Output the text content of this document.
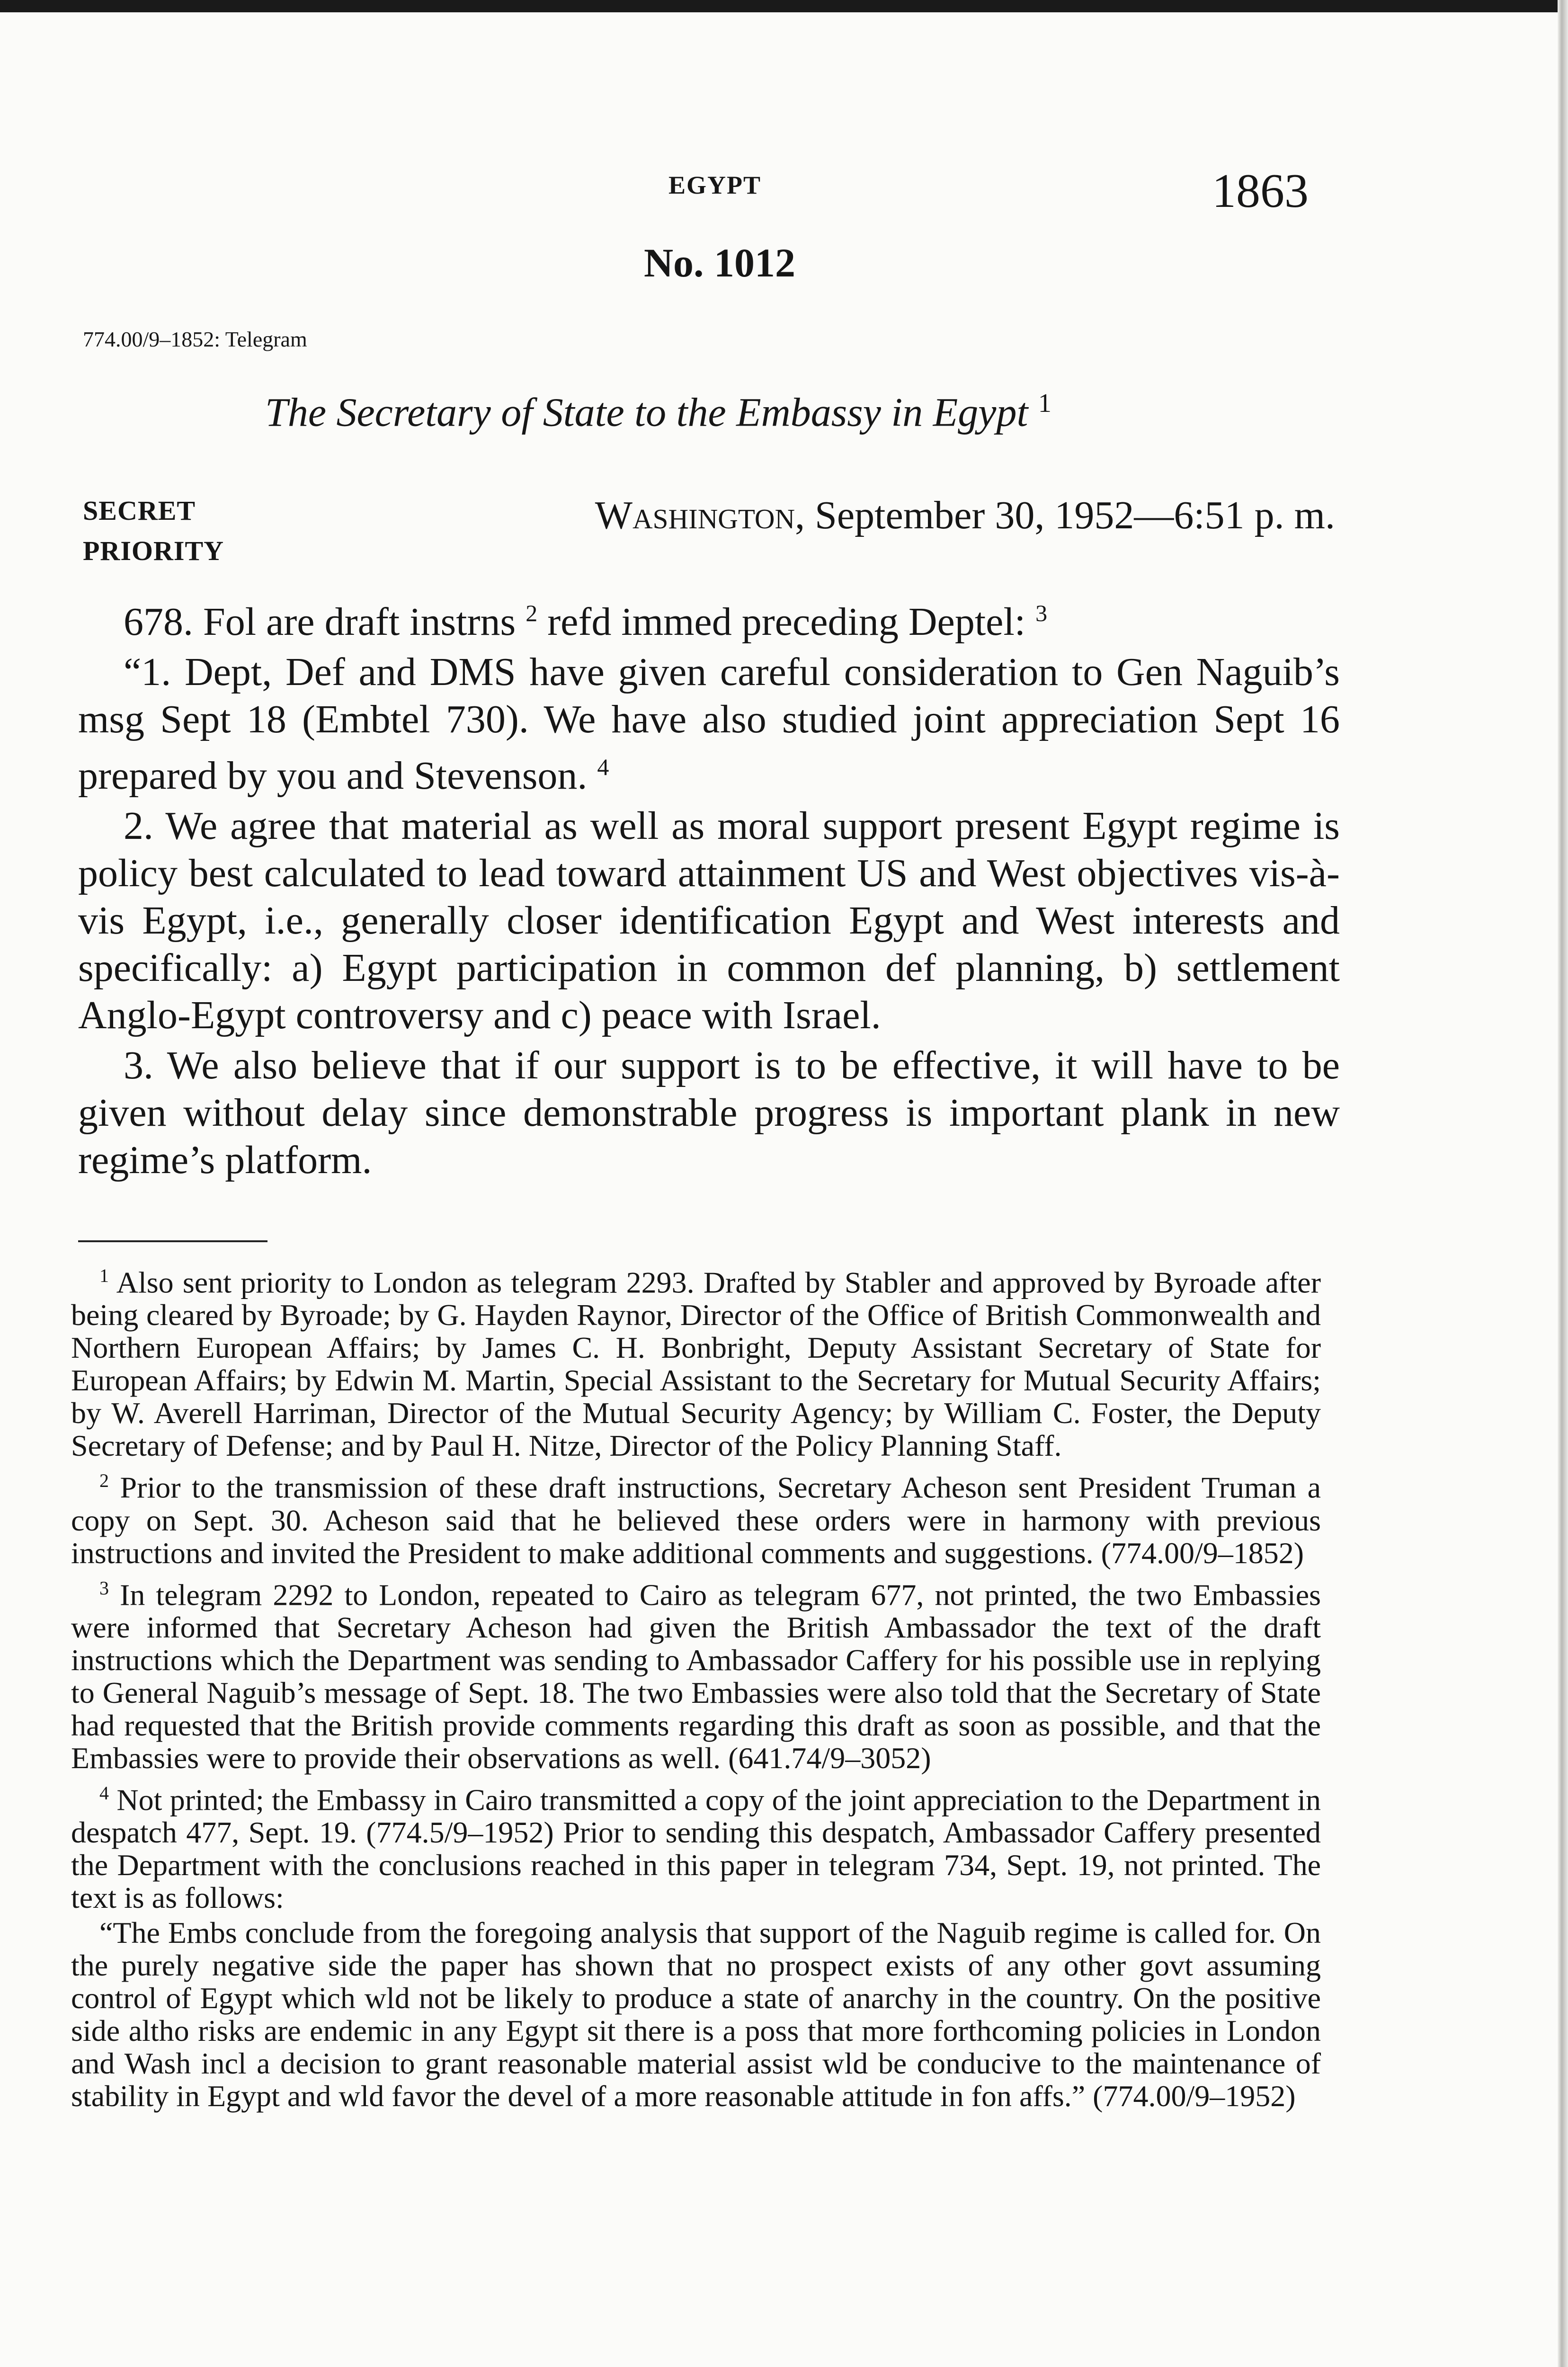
EGYPT	1863
No. 1012
774.00/9–1852: Telegram
The Secretary of State to the Embassy in Egypt $^1$
SECRET
PRIORITY
Washington, September 30, 1952—6:51 p. m.

678. Fol are draft instrns $^2$ refd immed preceding Deptel: $^3$

“1. Dept, Def and DMS have given careful consideration to Gen Naguib’s msg Sept 18 (Embtel 730). We have also studied joint appreciation Sept 16 prepared by you and Stevenson. $^4$

2. We agree that material as well as moral support present Egypt regime is policy best calculated to lead toward attainment US and West objectives vis-à-vis Egypt, i.e., generally closer identification Egypt and West interests and specifically: a) Egypt participation in common def planning, b) settlement Anglo-Egypt controversy and c) peace with Israel.

3. We also believe that if our support is to be effective, it will have to be given without delay since demonstrable progress is important plank in new regime’s platform.

$^1$ Also sent priority to London as telegram 2293. Drafted by Stabler and approved by Byroade after being cleared by Byroade; by G. Hayden Raynor, Director of the Office of British Commonwealth and Northern European Affairs; by James C. H. Bonbright, Deputy Assistant Secretary of State for European Affairs; by Edwin M. Martin, Special Assistant to the Secretary for Mutual Security Affairs; by W. Averell Harriman, Director of the Mutual Security Agency; by William C. Foster, the Deputy Secretary of Defense; and by Paul H. Nitze, Director of the Policy Planning Staff.

$^2$ Prior to the transmission of these draft instructions, Secretary Acheson sent President Truman a copy on Sept. 30. Acheson said that he believed these orders were in harmony with previous instructions and invited the President to make additional comments and suggestions. (774.00/9–1852)

$^3$ In telegram 2292 to London, repeated to Cairo as telegram 677, not printed, the two Embassies were informed that Secretary Acheson had given the British Ambassador the text of the draft instructions which the Department was sending to Ambassador Caffery for his possible use in replying to General Naguib’s message of Sept. 18. The two Embassies were also told that the Secretary of State had requested that the British provide comments regarding this draft as soon as possible, and that the Embassies were to provide their observations as well. (641.74/9–3052)

$^4$ Not printed; the Embassy in Cairo transmitted a copy of the joint appreciation to the Department in despatch 477, Sept. 19. (774.5/9–1952) Prior to sending this despatch, Ambassador Caffery presented the Department with the conclusions reached in this paper in telegram 734, Sept. 19, not printed. The text is as follows:

“The Embs conclude from the foregoing analysis that support of the Naguib regime is called for. On the purely negative side the paper has shown that no prospect exists of any other govt assuming control of Egypt which wld not be likely to produce a state of anarchy in the country. On the positive side altho risks are endemic in any Egypt sit there is a poss that more forthcoming policies in London and Wash incl a decision to grant reasonable material assist wld be conducive to the maintenance of stability in Egypt and wld favor the devel of a more reasonable attitude in fon affs.” (774.00/9–1952)
